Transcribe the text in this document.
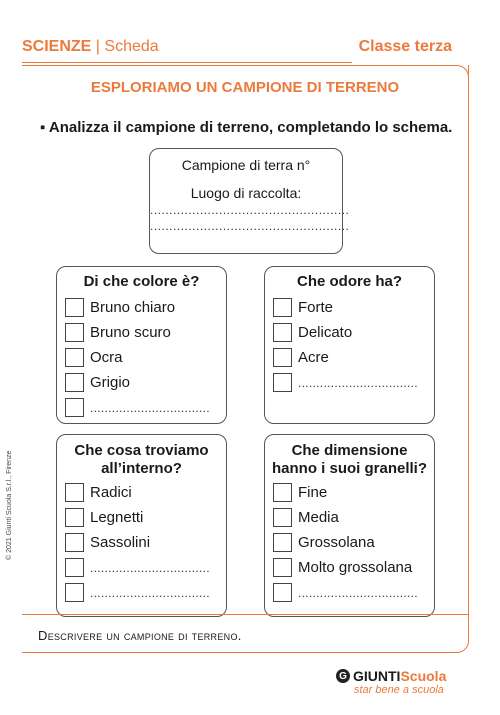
SCIENZE | Scheda	Classe terza
ESPLORIAMO UN CAMPIONE DI TERRENO
▪ Analizza il campione di terreno, completando lo schema.
Campione di terra n°
Luogo di raccolta:
....................................................
....................................................
Di che colore è?
Bruno chiaro
Bruno scuro
Ocra
Grigio
.................................
Che odore ha?
Forte
Delicato
Acre
.................................
Che cosa troviamo
all’interno?
Radici
Legnetti
Sassolini
.................................
.................................
Che dimensione
hanno i suoi granelli?
Fine
Media
Grossolana
Molto grossolana
.................................
Descrivere un campione di terreno.
© 2021 Giunti Scuola S.r.l., Firenze
G GIUNTI Scuola
star bene a scuola
